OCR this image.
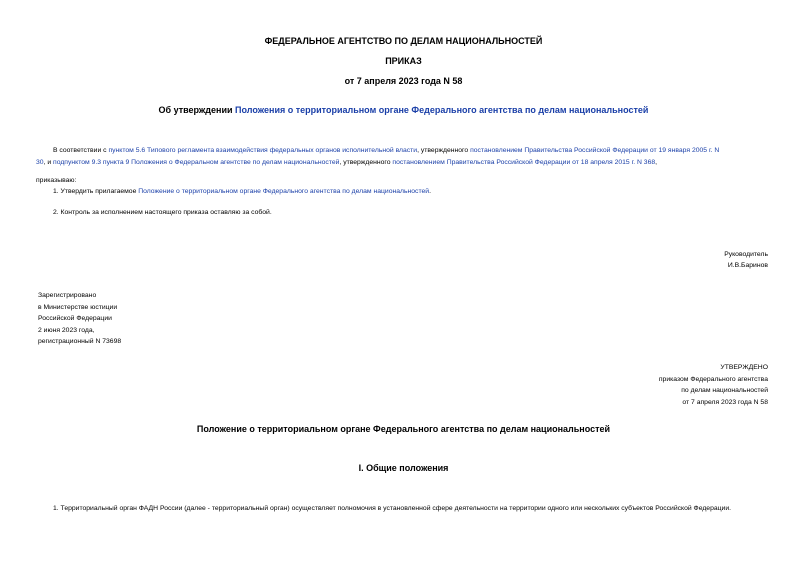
ФЕДЕРАЛЬНОЕ АГЕНТСТВО ПО ДЕЛАМ НАЦИОНАЛЬНОСТЕЙ
ПРИКАЗ
от 7 апреля 2023 года N 58
Об утверждении Положения о территориальном органе Федерального агентства по делам национальностей
В соответствии с пунктом 5.6 Типового регламента взаимодействия федеральных органов исполнительной власти, утвержденного постановлением Правительства Российской Федерации от 19 января 2005 г. N
30, и подпунктом 9.3 пункта 9 Положения о Федеральном агентстве по делам национальностей, утвержденного постановлением Правительства Российской Федерации от 18 апреля 2015 г. N 368,
приказываю:
1. Утвердить прилагаемое Положение о территориальном органе Федерального агентства по делам национальностей.
2. Контроль за исполнением настоящего приказа оставляю за собой.
Руководитель
И.В.Баринов
Зарегистрировано
в Министерстве юстиции
Российской Федерации
2 июня 2023 года,
регистрационный N 73698
УТВЕРЖДЕНО
приказом Федерального агентства
по делам национальностей
от 7 апреля 2023 года N 58
Положение о территориальном органе Федерального агентства по делам национальностей
I. Общие положения
1. Территориальный орган ФАДН России (далее - территориальный орган) осуществляет полномочия в установленной сфере деятельности на территории одного или нескольких субъектов Российской Федерации.
